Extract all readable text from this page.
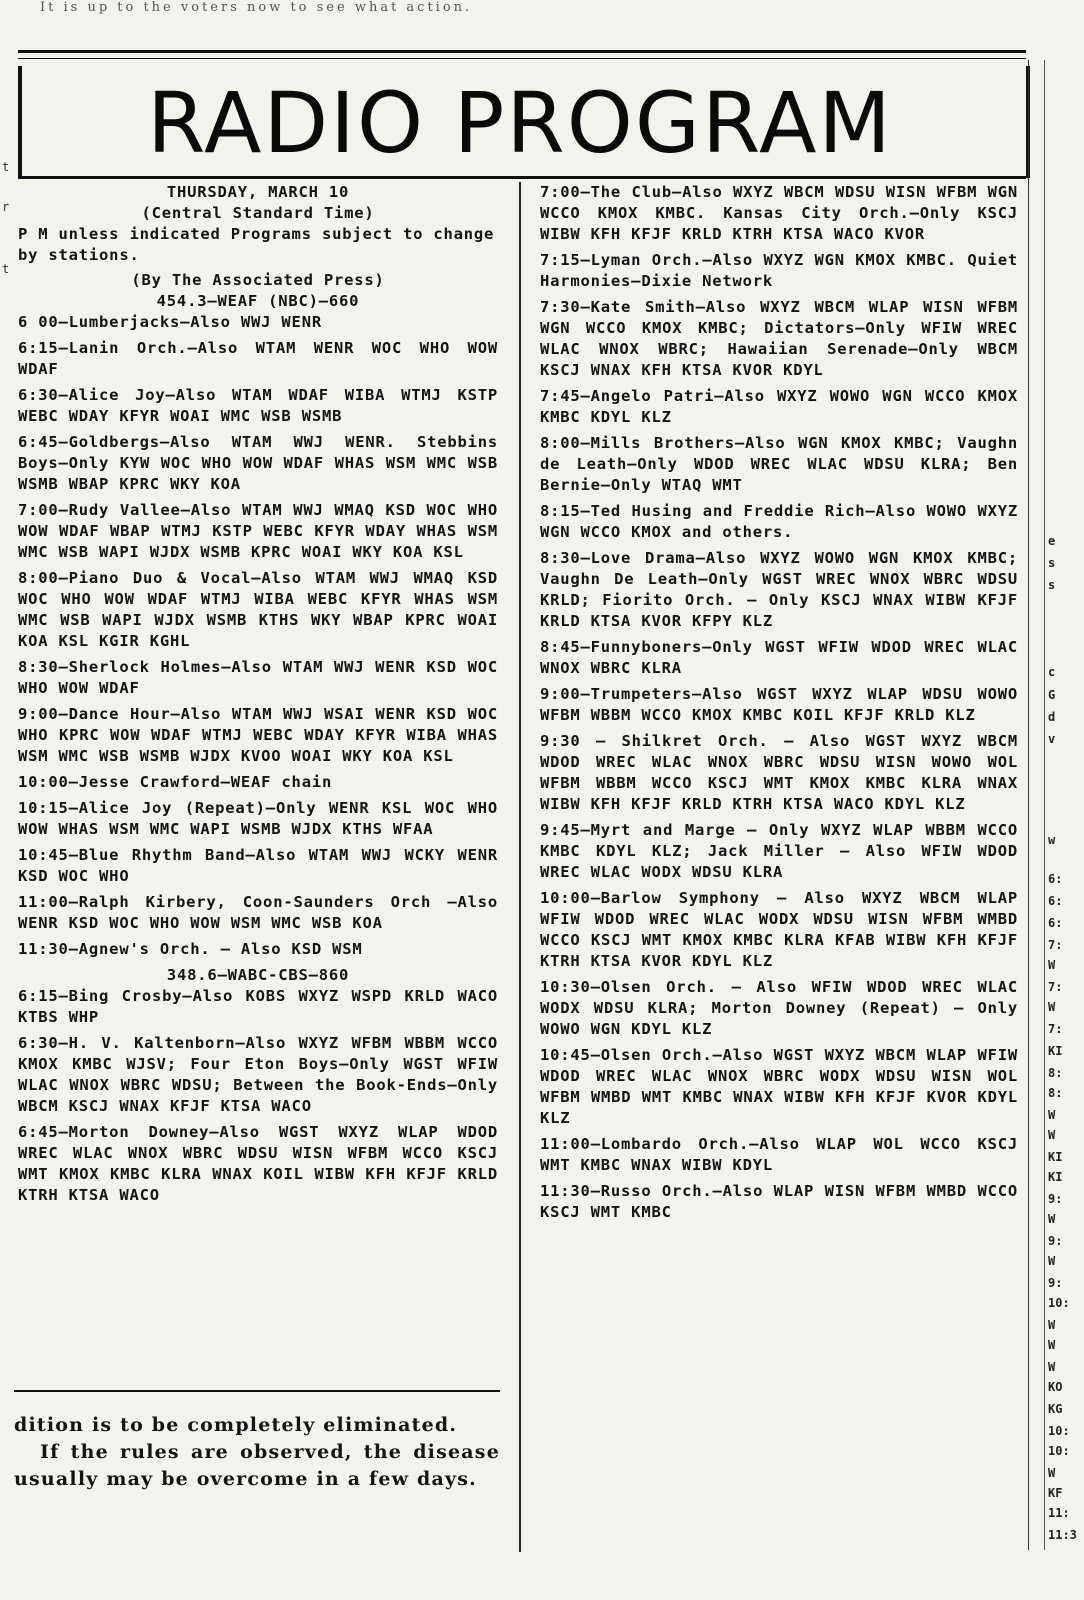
It is up to the voters now to see what action.
RADIO PROGRAM
t
r
t
e
s
s
c
G
d
v
w
6:
6:
6:
7:
W
7:
W
7:
KI
8:
8:
W
W
KI
KI
9:
W
9:
W
9:
10:
W
W
W
KO
KG
10:
10:
W
KF
11:
11:3
THURSDAY, MARCH 10
(Central Standard Time)
P M unless indicated Programs subject to change by stations.
(By The Associated Press)
454.3—WEAF (NBC)—660
6 00—Lumberjacks—Also WWJ WENR
6:15—Lanin Orch.—Also WTAM WENR WOC WHO WOW WDAF
6:30—Alice Joy—Also WTAM WDAF WIBA WTMJ KSTP WEBC WDAY KFYR WOAI WMC WSB WSMB
6:45—Goldbergs—Also WTAM WWJ WENR. Stebbins Boys—Only KYW WOC WHO WOW WDAF WHAS WSM WMC WSB WSMB WBAP KPRC WKY KOA
7:00—Rudy Vallee—Also WTAM WWJ WMAQ KSD WOC WHO WOW WDAF WBAP WTMJ KSTP WEBC KFYR WDAY WHAS WSM WMC WSB WAPI WJDX WSMB KPRC WOAI WKY KOA KSL
8:00—Piano Duo & Vocal—Also WTAM WWJ WMAQ KSD WOC WHO WOW WDAF WTMJ WIBA WEBC KFYR WHAS WSM WMC WSB WAPI WJDX WSMB KTHS WKY WBAP KPRC WOAI KOA KSL KGIR KGHL
8:30—Sherlock Holmes—Also WTAM WWJ WENR KSD WOC WHO WOW WDAF
9:00—Dance Hour—Also WTAM WWJ WSAI WENR KSD WOC WHO KPRC WOW WDAF WTMJ WEBC WDAY KFYR WIBA WHAS WSM WMC WSB WSMB WJDX KVOO WOAI WKY KOA KSL
10:00—Jesse Crawford—WEAF chain
10:15—Alice Joy (Repeat)—Only WENR KSL WOC WHO WOW WHAS WSM WMC WAPI WSMB WJDX KTHS WFAA
10:45—Blue Rhythm Band—Also WTAM WWJ WCKY WENR KSD WOC WHO
11:00—Ralph Kirbery, Coon-Saunders Orch —Also WENR KSD WOC WHO WOW WSM WMC WSB KOA
11:30—Agnew's Orch. — Also KSD WSM
348.6—WABC-CBS—860
6:15—Bing Crosby—Also KOBS WXYZ WSPD KRLD WACO KTBS WHP
6:30—H. V. Kaltenborn—Also WXYZ WFBM WBBM WCCO KMOX KMBC WJSV; Four Eton Boys—Only WGST WFIW WLAC WNOX WBRC WDSU; Between the Book-Ends—Only WBCM KSCJ WNAX KFJF KTSA WACO
6:45—Morton Downey—Also WGST WXYZ WLAP WDOD WREC WLAC WNOX WBRC WDSU WISN WFBM WCCO KSCJ WMT KMOX KMBC KLRA WNAX KOIL WIBW KFH KFJF KRLD KTRH KTSA WACO
dition is to be completely eliminated.
If the rules are observed, the disease usually may be overcome in a few days.
7:00—The Club—Also WXYZ WBCM WDSU WISN WFBM WGN WCCO KMOX KMBC. Kansas City Orch.—Only KSCJ WIBW KFH KFJF KRLD KTRH KTSA WACO KVOR
7:15—Lyman Orch.—Also WXYZ WGN KMOX KMBC. Quiet Harmonies—Dixie Network
7:30—Kate Smith—Also WXYZ WBCM WLAP WISN WFBM WGN WCCO KMOX KMBC; Dictators—Only WFIW WREC WLAC WNOX WBRC; Hawaiian Serenade—Only WBCM KSCJ WNAX KFH KTSA KVOR KDYL
7:45—Angelo Patri—Also WXYZ WOWO WGN WCCO KMOX KMBC KDYL KLZ
8:00—Mills Brothers—Also WGN KMOX KMBC; Vaughn de Leath—Only WDOD WREC WLAC WDSU KLRA; Ben Bernie—Only WTAQ WMT
8:15—Ted Husing and Freddie Rich—Also WOWO WXYZ WGN WCCO KMOX and others.
8:30—Love Drama—Also WXYZ WOWO WGN KMOX KMBC; Vaughn De Leath—Only WGST WREC WNOX WBRC WDSU KRLD; Fiorito Orch. — Only KSCJ WNAX WIBW KFJF KRLD KTSA KVOR KFPY KLZ
8:45—Funnyboners—Only WGST WFIW WDOD WREC WLAC WNOX WBRC KLRA
9:00—Trumpeters—Also WGST WXYZ WLAP WDSU WOWO WFBM WBBM WCCO KMOX KMBC KOIL KFJF KRLD KLZ
9:30 — Shilkret Orch. — Also WGST WXYZ WBCM WDOD WREC WLAC WNOX WBRC WDSU WISN WOWO WOL WFBM WBBM WCCO KSCJ WMT KMOX KMBC KLRA WNAX WIBW KFH KFJF KRLD KTRH KTSA WACO KDYL KLZ
9:45—Myrt and Marge — Only WXYZ WLAP WBBM WCCO KMBC KDYL KLZ; Jack Miller — Also WFIW WDOD WREC WLAC WODX WDSU KLRA
10:00—Barlow Symphony — Also WXYZ WBCM WLAP WFIW WDOD WREC WLAC WODX WDSU WISN WFBM WMBD WCCO KSCJ WMT KMOX KMBC KLRA KFAB WIBW KFH KFJF KTRH KTSA KVOR KDYL KLZ
10:30—Olsen Orch. — Also WFIW WDOD WREC WLAC WODX WDSU KLRA; Morton Downey (Repeat) — Only WOWO WGN KDYL KLZ
10:45—Olsen Orch.—Also WGST WXYZ WBCM WLAP WFIW WDOD WREC WLAC WNOX WBRC WODX WDSU WISN WOL WFBM WMBD WMT KMBC WNAX WIBW KFH KFJF KVOR KDYL KLZ
11:00—Lombardo Orch.—Also WLAP WOL WCCO KSCJ WMT KMBC WNAX WIBW KDYL
11:30—Russo Orch.—Also WLAP WISN WFBM WMBD WCCO KSCJ WMT KMBC
